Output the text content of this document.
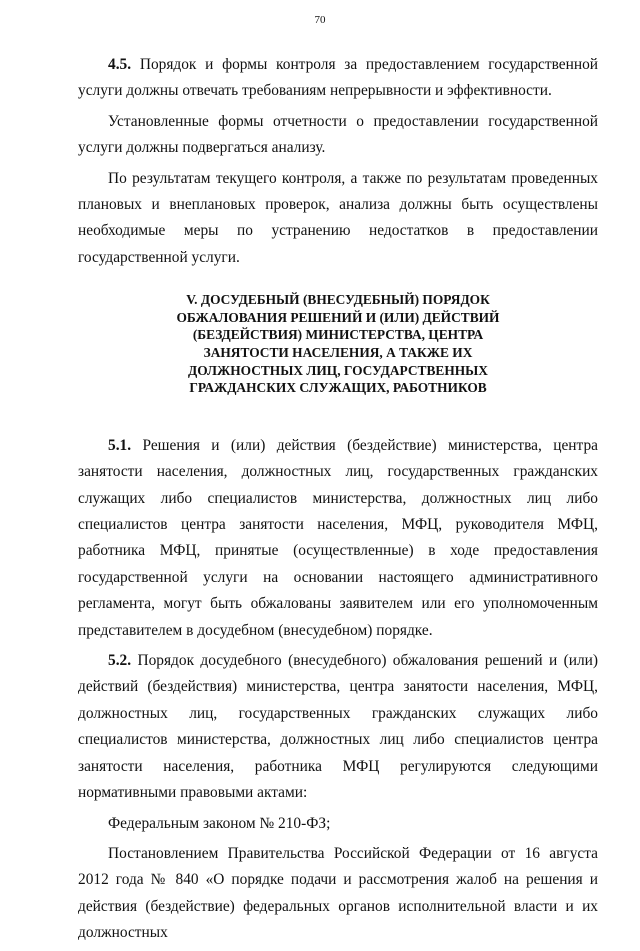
70

4.5. Порядок и формы контроля за предоставлением государственной услуги должны отвечать требованиям непрерывности и эффективности.

Установленные формы отчетности о предоставлении государственной услуги должны подвергаться анализу.

По результатам текущего контроля, а также по результатам проведенных плановых и внеплановых проверок, анализа должны быть осуществлены необходимые меры по устранению недостатков в предоставлении государственной услуги.

V. ДОСУДЕБНЫЙ (ВНЕСУДЕБНЫЙ) ПОРЯДОК
ОБЖАЛОВАНИЯ РЕШЕНИЙ И (ИЛИ) ДЕЙСТВИЙ
(БЕЗДЕЙСТВИЯ) МИНИСТЕРСТВА, ЦЕНТРА
ЗАНЯТОСТИ НАСЕЛЕНИЯ, А ТАКЖЕ ИХ
ДОЛЖНОСТНЫХ ЛИЦ, ГОСУДАРСТВЕННЫХ
ГРАЖДАНСКИХ СЛУЖАЩИХ, РАБОТНИКОВ

5.1. Решения и (или) действия (бездействие) министерства, центра занятости населения, должностных лиц, государственных гражданских служащих либо специалистов министерства, должностных лиц либо специалистов центра занятости населения, МФЦ, руководителя МФЦ, работника МФЦ, принятые (осуществленные) в ходе предоставления государственной услуги на основании настоящего административного регламента, могут быть обжалованы заявителем или его уполномоченным представителем в досудебном (внесудебном) порядке.

5.2. Порядок досудебного (внесудебного) обжалования решений и (или) действий (бездействия) министерства, центра занятости населения, МФЦ, должностных лиц, государственных гражданских служащих либо специалистов министерства, должностных лиц либо специалистов центра занятости населения, работника МФЦ регулируются следующими нормативными правовыми актами:

Федеральным законом № 210-ФЗ;

Постановлением Правительства Российской Федерации от 16 августа 2012 года № 840 «О порядке подачи и рассмотрения жалоб на решения и действия (бездействие) федеральных органов исполнительной власти и их должностных
